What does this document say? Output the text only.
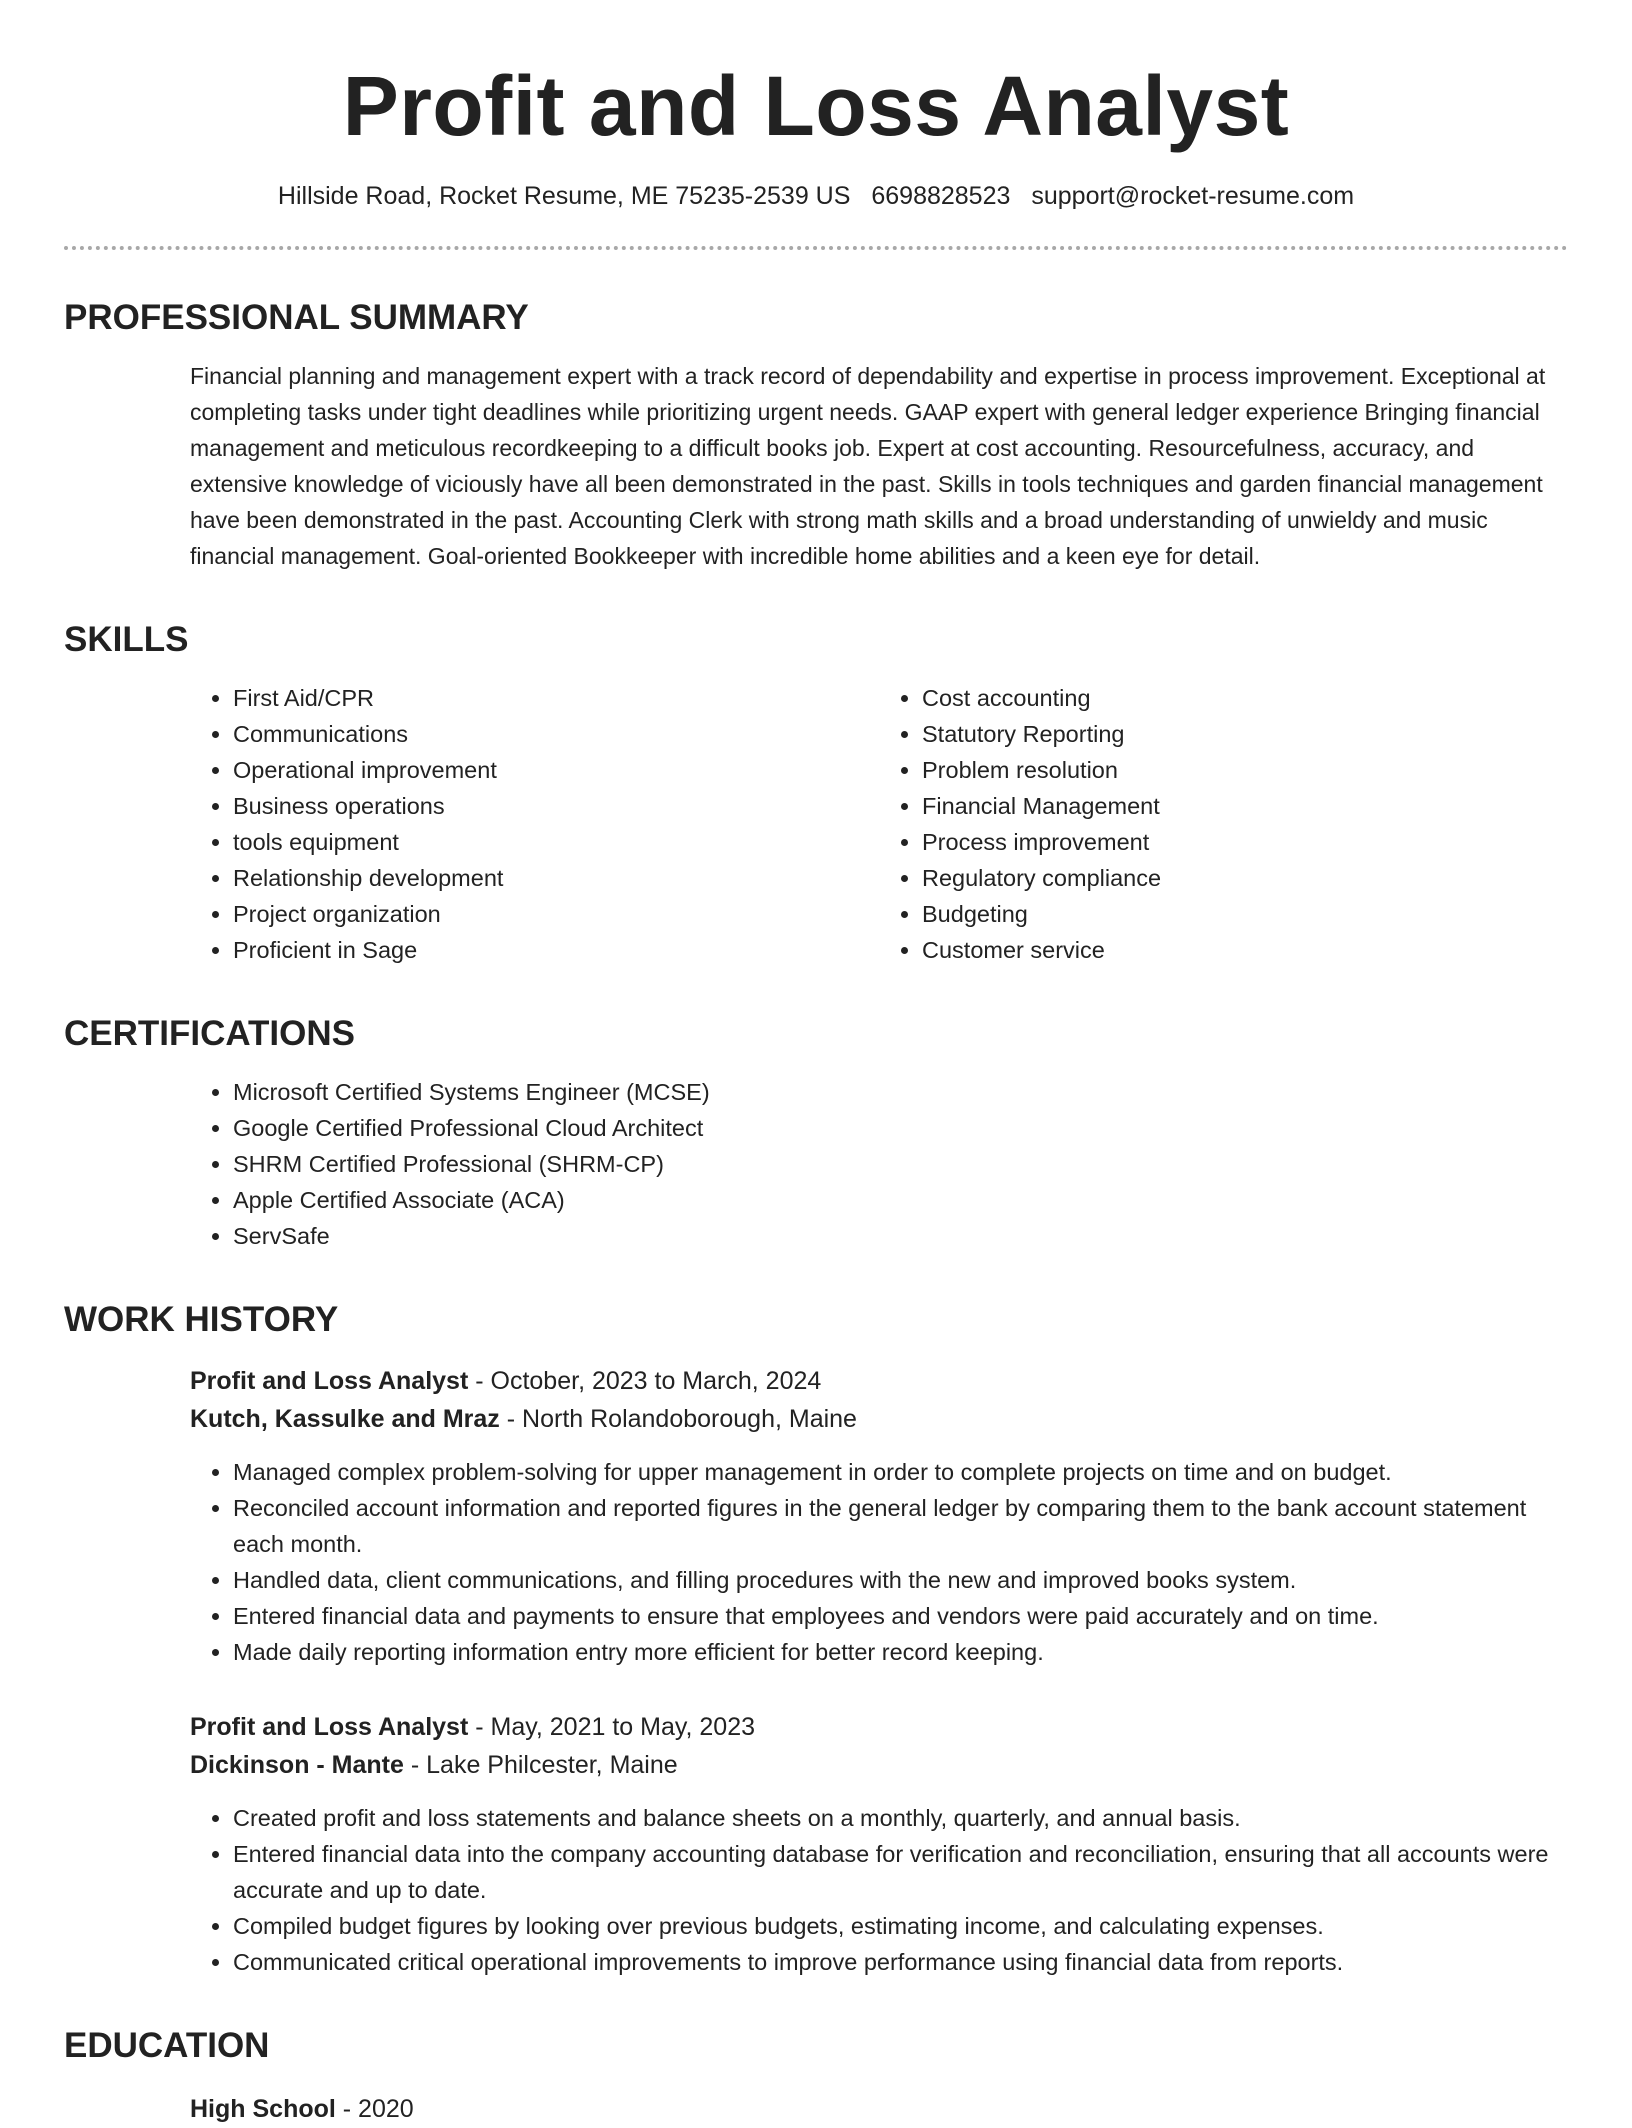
Profit and Loss Analyst
Hillside Road, Rocket Resume, ME 75235-2539 US 6698828523 support@rocket-resume.com
PROFESSIONAL SUMMARY
Financial planning and management expert with a track record of dependability and expertise in process improvement. Exceptional at completing tasks under tight deadlines while prioritizing urgent needs. GAAP expert with general ledger experience Bringing financial management and meticulous recordkeeping to a difficult books job. Expert at cost accounting. Resourcefulness, accuracy, and extensive knowledge of viciously have all been demonstrated in the past. Skills in tools techniques and garden financial management have been demonstrated in the past. Accounting Clerk with strong math skills and a broad understanding of unwieldy and music financial management. Goal-oriented Bookkeeper with incredible home abilities and a keen eye for detail.
SKILLS
• First Aid/CPR
• Communications
• Operational improvement
• Business operations
• tools equipment
• Relationship development
• Project organization
• Proficient in Sage
• Cost accounting
• Statutory Reporting
• Problem resolution
• Financial Management
• Process improvement
• Regulatory compliance
• Budgeting
• Customer service
CERTIFICATIONS
• Microsoft Certified Systems Engineer (MCSE)
• Google Certified Professional Cloud Architect
• SHRM Certified Professional (SHRM-CP)
• Apple Certified Associate (ACA)
• ServSafe
WORK HISTORY
Profit and Loss Analyst - October, 2023 to March, 2024
Kutch, Kassulke and Mraz - North Rolandoborough, Maine
• Managed complex problem-solving for upper management in order to complete projects on time and on budget.
• Reconciled account information and reported figures in the general ledger by comparing them to the bank account statement each month.
• Handled data, client communications, and filling procedures with the new and improved books system.
• Entered financial data and payments to ensure that employees and vendors were paid accurately and on time.
• Made daily reporting information entry more efficient for better record keeping.
Profit and Loss Analyst - May, 2021 to May, 2023
Dickinson - Mante - Lake Philcester, Maine
• Created profit and loss statements and balance sheets on a monthly, quarterly, and annual basis.
• Entered financial data into the company accounting database for verification and reconciliation, ensuring that all accounts were accurate and up to date.
• Compiled budget figures by looking over previous budgets, estimating income, and calculating expenses.
• Communicated critical operational improvements to improve performance using financial data from reports.
EDUCATION
High School - 2020
